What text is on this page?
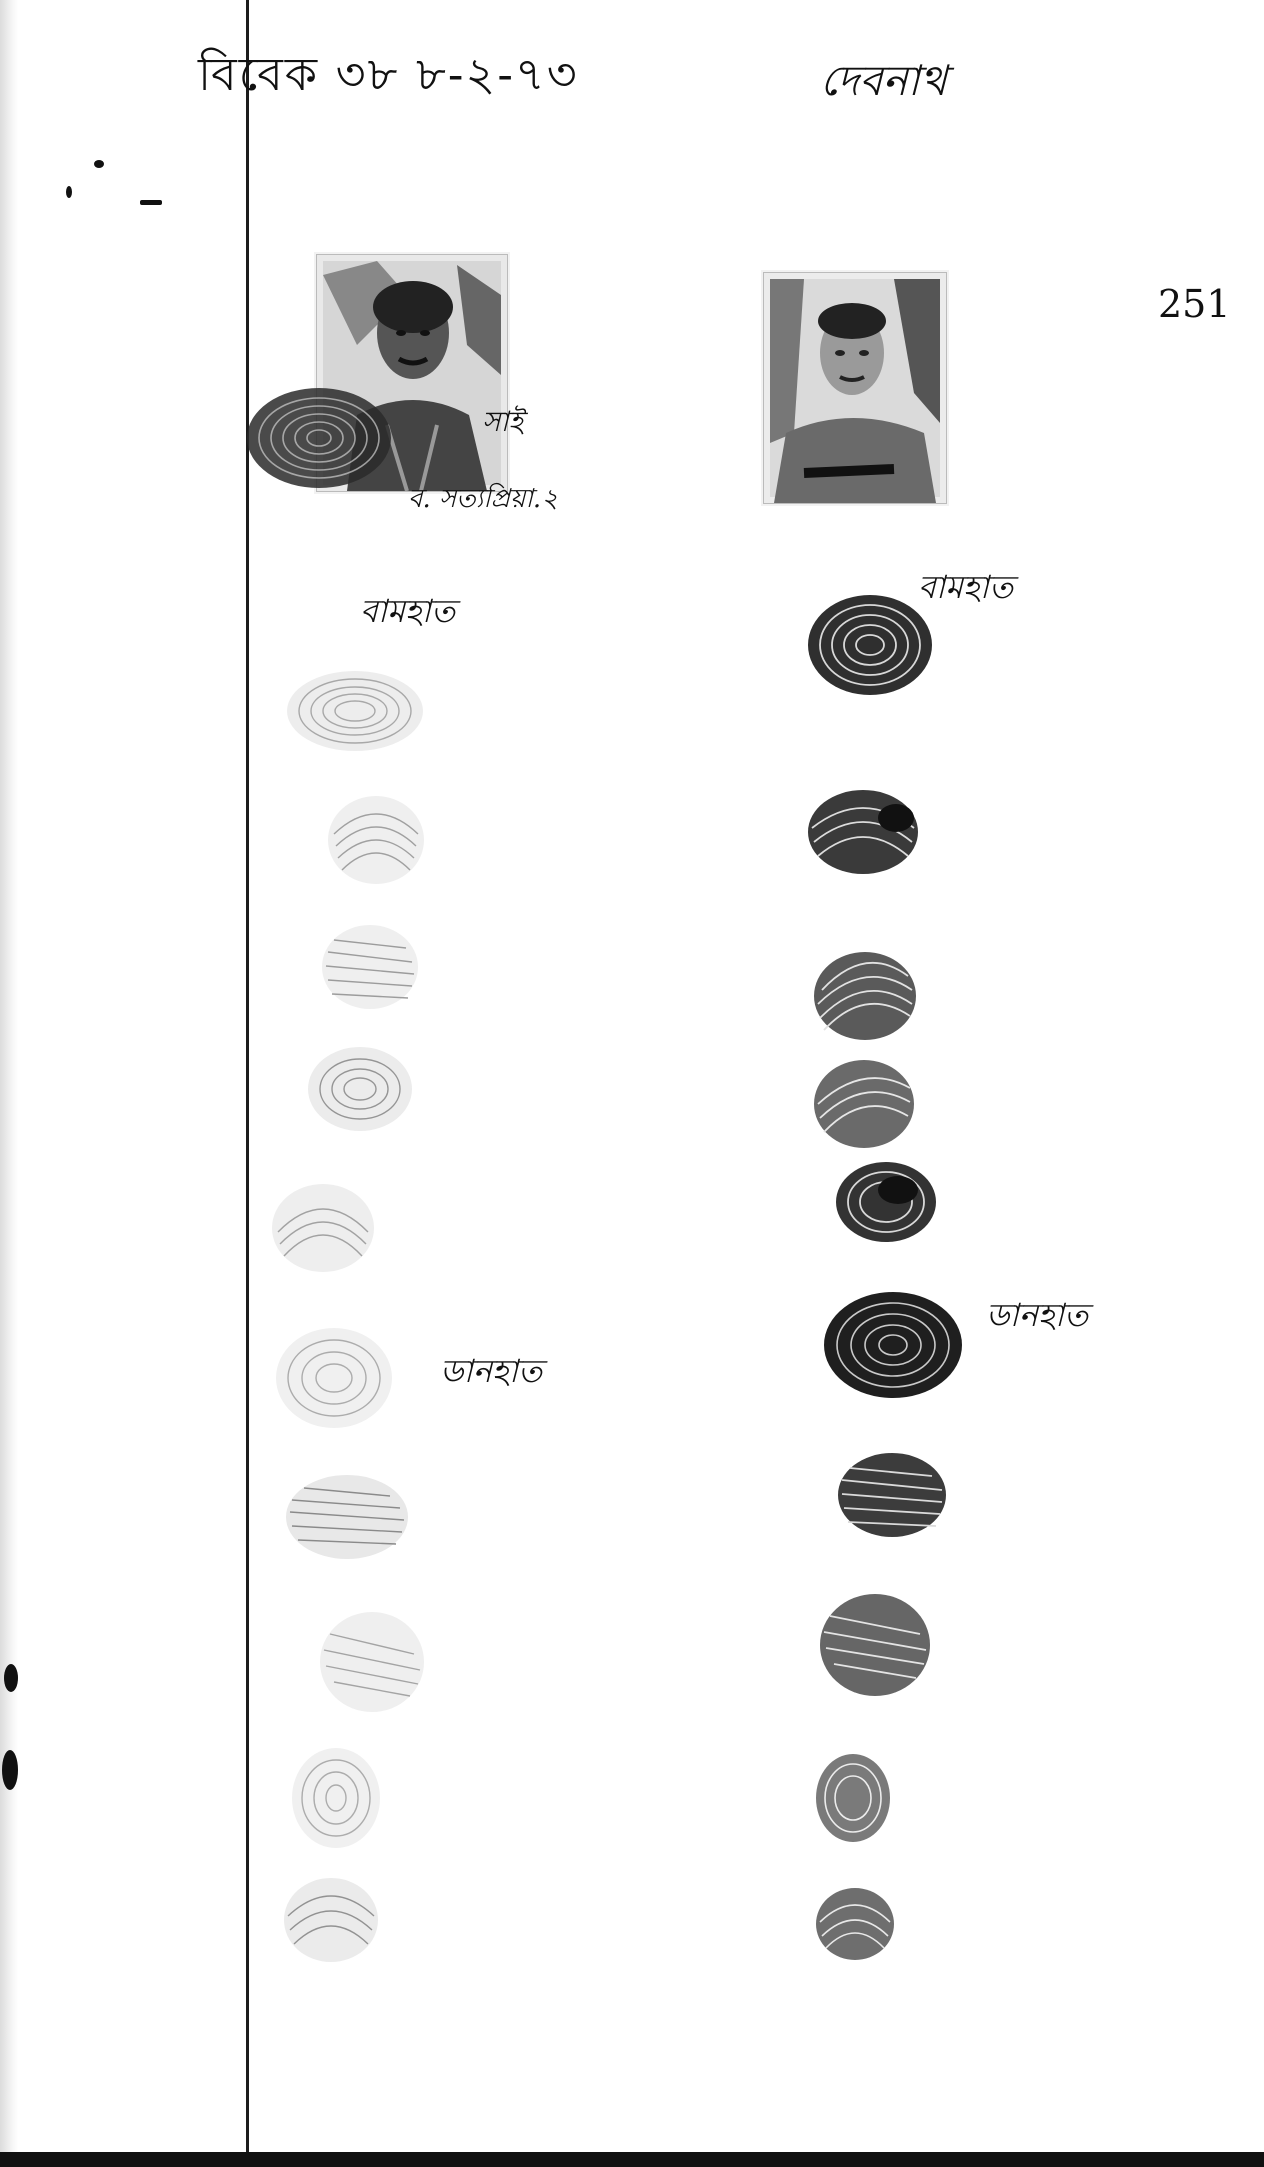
বিবেক ৩৮ ৮-২-৭৩	দেবনাথ
251
সাই
ব. সত্যপ্রিয়া.২
বামহাত
বামহাত
ডানহাত
ডানহাত
